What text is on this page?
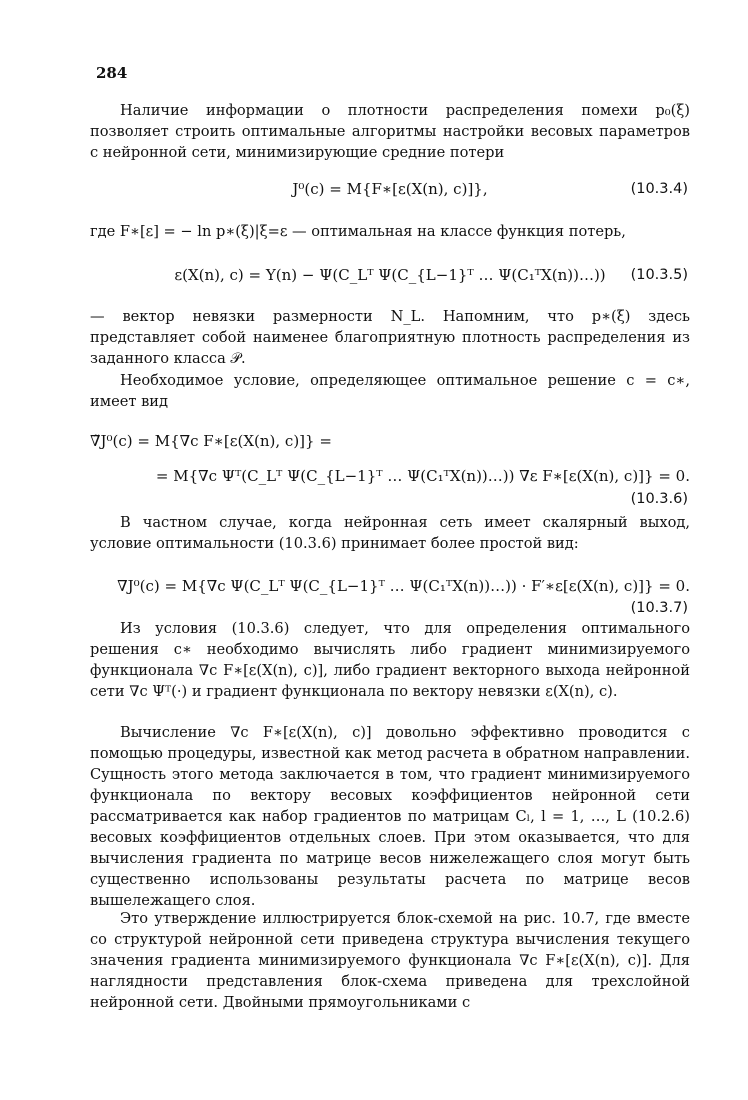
284

Наличие информации о плотности распределения помехи p₀(ξ) позволяет строить оптимальные алгоритмы настройки весовых параметров c нейронной сети, минимизирующие средние потери

J⁰(c) = M{F∗[ε(X(n), c)]},	(10.3.4)

где F∗[ε] = − ln p∗(ξ)|ξ=ε — оптимальная на классе функция потерь,

ε(X(n), c) = Y(n) − Ψ(C_Lᵀ Ψ(C_{L−1}ᵀ … Ψ(C₁ᵀX(n))…)) (10.3.5)

— вектор невязки размерности N_L. Напомним, что p∗(ξ) здесь представляет собой наименее благоприятную плотность распределения из заданного класса 𝒫.

Необходимое условие, определяющее оптимальное решение c = c∗, имеет вид

∇̃J⁰(c) = M{∇c F∗[ε(X(n), c)]} =
= M{∇c Ψᵀ(C_Lᵀ Ψ(C_{L−1}ᵀ … Ψ(C₁ᵀX(n))…)) ∇ε F∗[ε(X(n), c)]} = 0.
(10.3.6)

В частном случае, когда нейронная сеть имеет скалярный выход, условие оптимальности (10.3.6) принимает более простой вид:

∇J⁰(c) = M{∇c Ψ(C_Lᵀ Ψ(C_{L−1}ᵀ … Ψ(C₁ᵀX(n))…)) · F′∗ε[ε(X(n), c)]} = 0.
(10.3.7)

Из условия (10.3.6) следует, что для определения оптимального решения c∗ необходимо вычислять либо градиент минимизируемого функционала ∇c F∗[ε(X(n), c)], либо градиент векторного выхода нейронной сети ∇c Ψᵀ(·) и градиент функционала по вектору невязки ε(X(n), c).

Вычисление ∇c F∗[ε(X(n), c)] довольно эффективно проводится с помощью процедуры, известной как метод расчета в обратном направлении. Сущность этого метода заключается в том, что градиент минимизируемого функционала по вектору весовых коэффициентов нейронной сети рассматривается как набор градиентов по матрицам Cₗ, l = 1, …, L (10.2.6) весовых коэффициентов отдельных слоев. При этом оказывается, что для вычисления градиента по матрице весов нижележащего слоя могут быть существенно использованы результаты расчета по матрице весов вышележащего слоя.

Это утверждение иллюстрируется блок-схемой на рис. 10.7, где вместе со структурой нейронной сети приведена структура вычисления текущего значения градиента минимизируемого функционала ∇c F∗[ε(X(n), c)]. Для наглядности представления блок-схема приведена для трехслойной нейронной сети. Двойными прямоугольниками с
